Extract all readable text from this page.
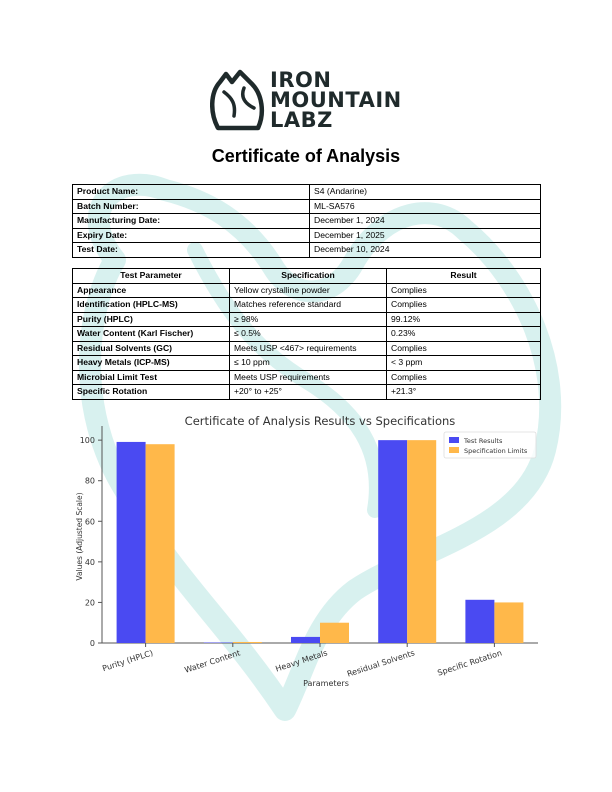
IRON
MOUNTAIN
LABZ
Certificate of Analysis
Product Name:	S4 (Andarine)
Batch Number:	ML-SA576
Manufacturing Date:	December 1, 2024
Expiry Date:	December 1, 2025
Test Date:	December 10, 2024
Test Parameter	Specification	Result
Appearance	Yellow crystalline powder	Complies
Identification (HPLC-MS)	Matches reference standard	Complies
Purity (HPLC)	≥ 98%	99.12%
Water Content (Karl Fischer)	≤ 0.5%	0.23%
Residual Solvents (GC)	Meets USP <467> requirements	Complies
Heavy Metals (ICP-MS)	≤ 10 ppm	< 3 ppm
Microbial Limit Test	Meets USP requirements	Complies
Specific Rotation	+20° to +25°	+21.3°
Certificate of Analysis Results vs Specifications
0
20
40
60
80
100
Values (Adjusted Scale)
Purity (HPLC)	Water Content	Heavy Metals Residual Solvents	Specific Rotation
Parameters
Test Results
Specification Limits
